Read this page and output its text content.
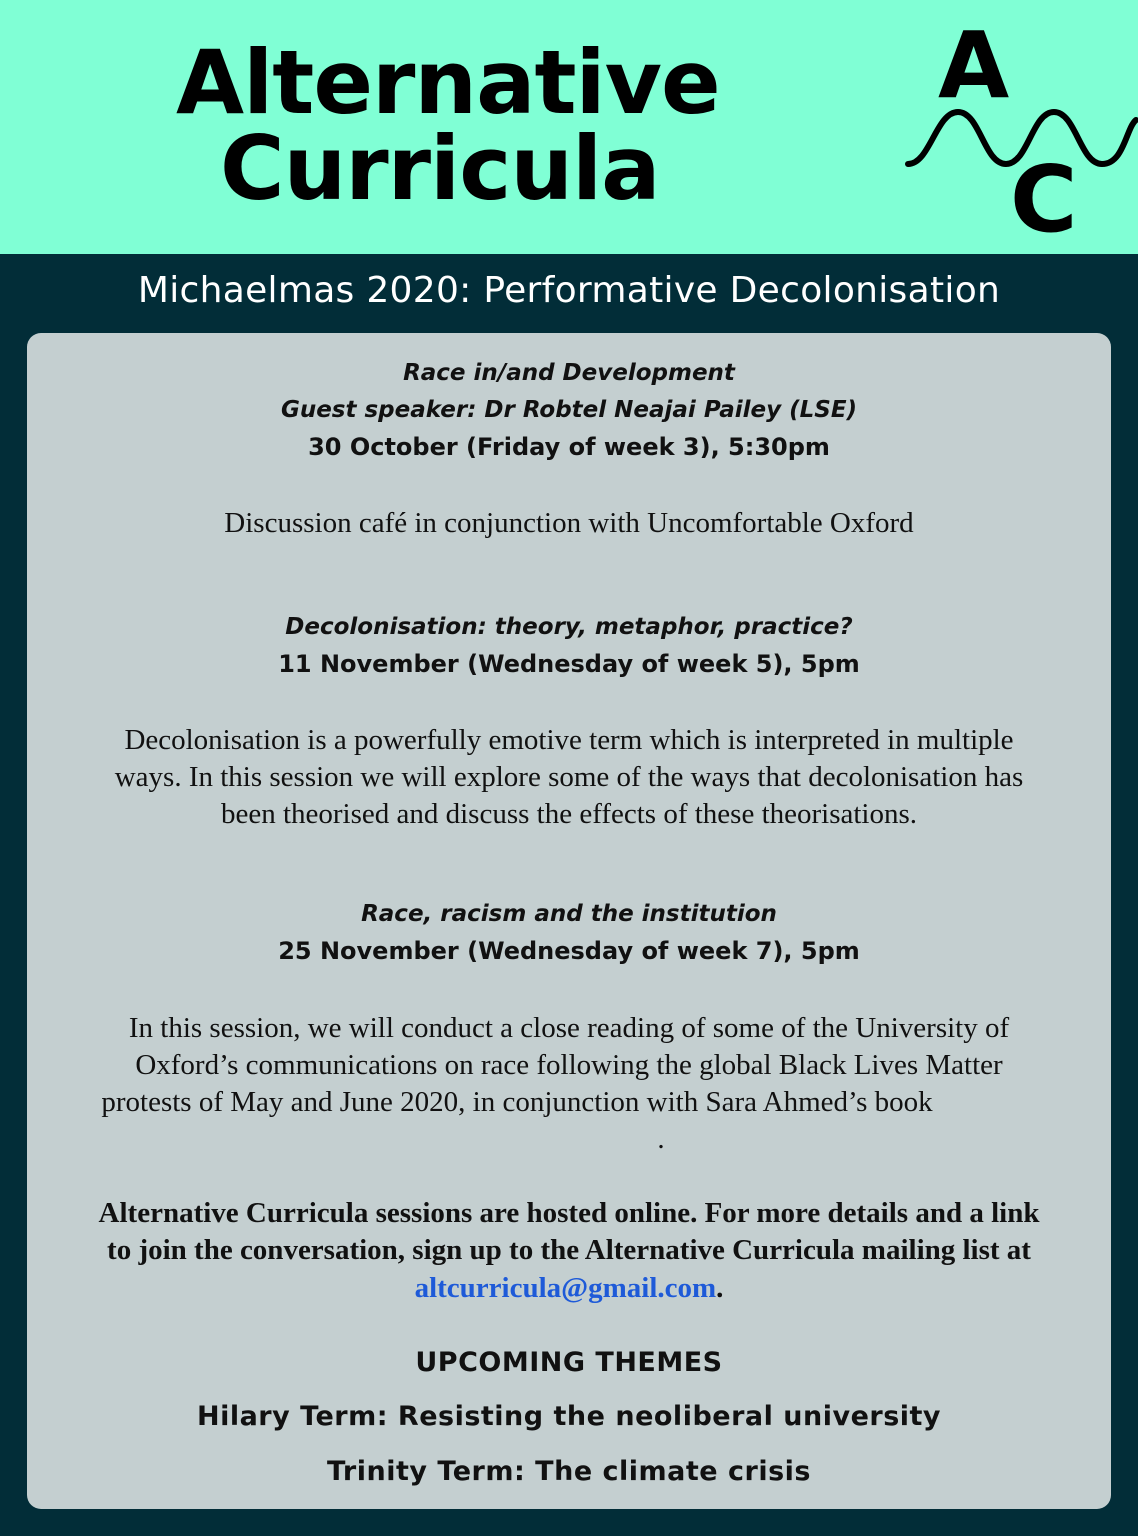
Alternative
Curricula
A
C
Michaelmas 2020: Performative Decolonisation
Race in/and Development
Guest speaker: Dr Robtel Neajai Pailey (LSE)
30 October (Friday of week 3), 5:30pm
Discussion café in conjunction with Uncomfortable Oxford
Decolonisation: theory, metaphor, practice?
11 November (Wednesday of week 5), 5pm
Decolonisation is a powerfully emotive term which is interpreted in multiple
ways. In this session we will explore some of the ways that decolonisation has
been theorised and discuss the effects of these theorisations.
Race, racism and the institution
25 November (Wednesday of week 7), 5pm
In this session, we will conduct a close reading of some of the University of
Oxford’s communications on race following the global Black Lives Matter
protests of May and June 2020, in conjunction with Sara Ahmed’s book
.
Alternative Curricula sessions are hosted online. For more details and a link
to join the conversation, sign up to the Alternative Curricula mailing list at
altcurricula@gmail.com.
UPCOMING THEMES
Hilary Term: Resisting the neoliberal university
Trinity Term: The climate crisis
